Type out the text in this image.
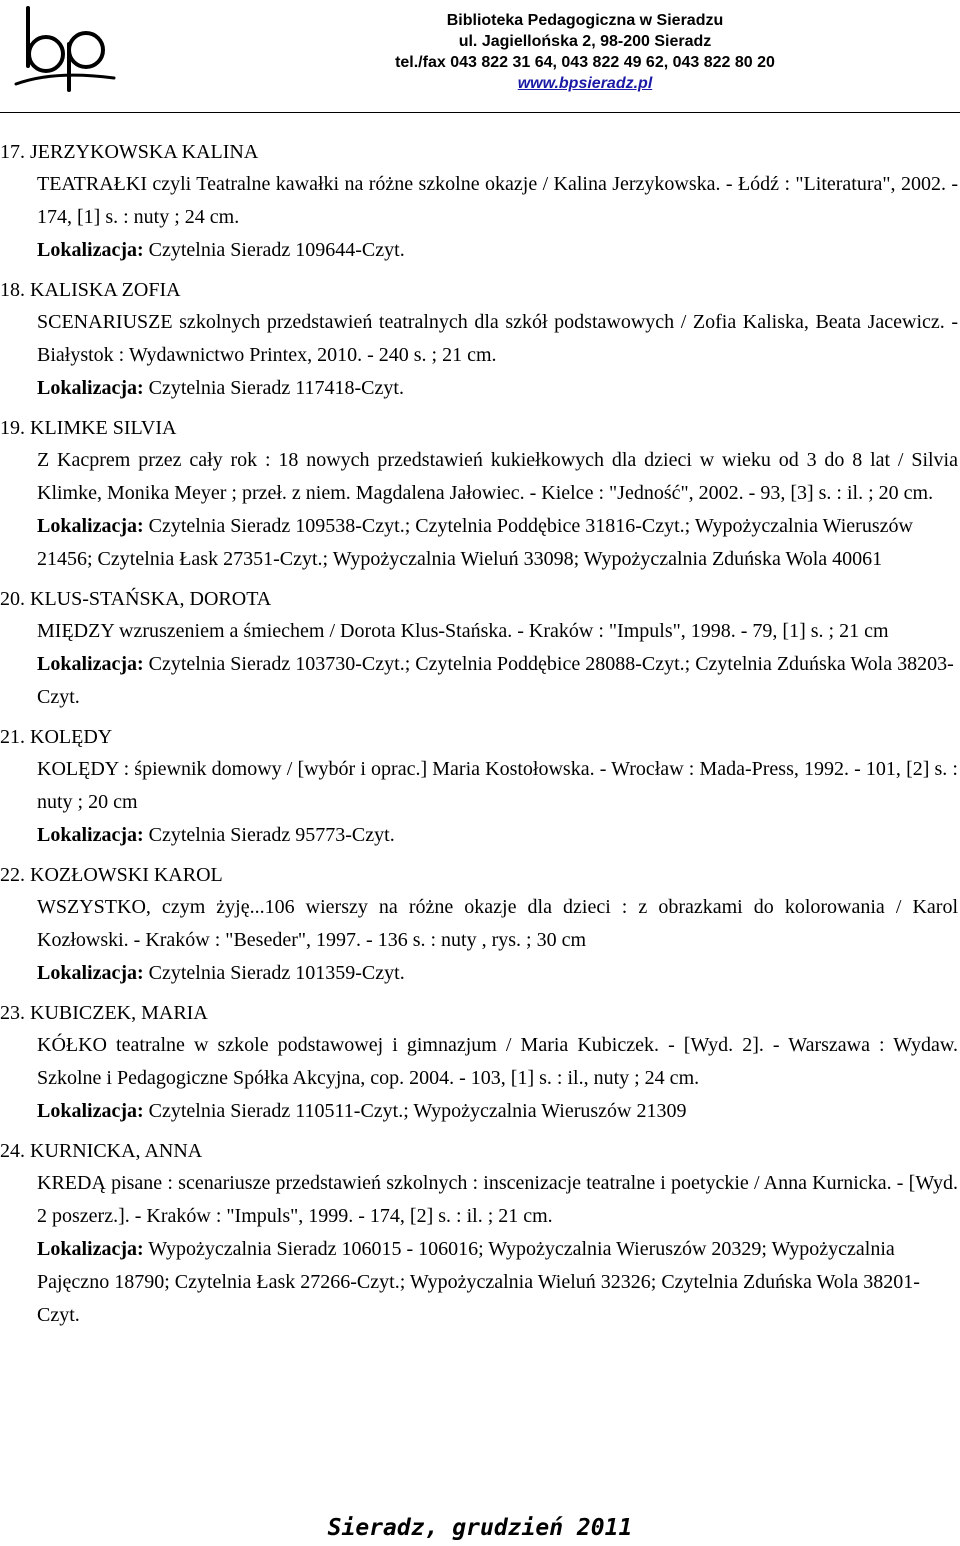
Biblioteka Pedagogiczna w Sieradzu
ul. Jagiellońska 2, 98-200 Sieradz
tel./fax 043 822 31 64, 043 822 49 62, 043 822 80 20
www.bpsieradz.pl
17. JERZYKOWSKA KALINA
TEATRAŁKI czyli Teatralne kawałki na różne szkolne okazje / Kalina Jerzykowska. - Łódź : "Literatura", 2002. - 174, [1] s. : nuty ; 24 cm.
Lokalizacja: Czytelnia Sieradz 109644-Czyt.
18. KALISKA ZOFIA
SCENARIUSZE szkolnych przedstawień teatralnych dla szkół podstawowych / Zofia Kaliska, Beata Jacewicz. - Białystok : Wydawnictwo Printex, 2010. - 240 s. ; 21 cm.
Lokalizacja: Czytelnia Sieradz 117418-Czyt.
19. KLIMKE SILVIA
Z Kacprem przez cały rok : 18 nowych przedstawień kukiełkowych dla dzieci w wieku od 3 do 8 lat / Silvia Klimke, Monika Meyer ; przeł. z niem. Magdalena Jałowiec. - Kielce : "Jedność", 2002. - 93, [3] s. : il. ; 20 cm.
Lokalizacja: Czytelnia Sieradz 109538-Czyt.; Czytelnia Poddębice 31816-Czyt.; Wypożyczalnia Wieruszów 21456; Czytelnia Łask 27351-Czyt.; Wypożyczalnia Wieluń 33098; Wypożyczalnia Zduńska Wola 40061
20. KLUS-STAŃSKA, DOROTA
MIĘDZY wzruszeniem a śmiechem / Dorota Klus-Stańska. - Kraków : "Impuls", 1998. - 79, [1] s. ; 21 cm
Lokalizacja: Czytelnia Sieradz 103730-Czyt.; Czytelnia Poddębice 28088-Czyt.; Czytelnia Zduńska Wola 38203-Czyt.
21. KOLĘDY
KOLĘDY : śpiewnik domowy / [wybór i oprac.] Maria Kostołowska. - Wrocław : Mada-Press, 1992. - 101, [2] s. : nuty ; 20 cm
Lokalizacja: Czytelnia Sieradz 95773-Czyt.
22. KOZŁOWSKI KAROL
WSZYSTKO, czym żyję...106 wierszy na różne okazje dla dzieci : z obrazkami do kolorowania / Karol Kozłowski. - Kraków : "Beseder", 1997. - 136 s. : nuty , rys. ; 30 cm
Lokalizacja: Czytelnia Sieradz 101359-Czyt.
23. KUBICZEK, MARIA
KÓŁKO teatralne w szkole podstawowej i gimnazjum / Maria Kubiczek. - [Wyd. 2]. - Warszawa : Wydaw. Szkolne i Pedagogiczne Spółka Akcyjna, cop. 2004. - 103, [1] s. : il., nuty ; 24 cm.
Lokalizacja: Czytelnia Sieradz 110511-Czyt.; Wypożyczalnia Wieruszów 21309
24. KURNICKA, ANNA
KREDĄ pisane : scenariusze przedstawień szkolnych : inscenizacje teatralne i poetyckie / Anna Kurnicka. - [Wyd. 2 poszerz.]. - Kraków : "Impuls", 1999. - 174, [2] s. : il. ; 21 cm.
Lokalizacja: Wypożyczalnia Sieradz 106015 - 106016; Wypożyczalnia Wieruszów 20329; Wypożyczalnia Pajęczno 18790; Czytelnia Łask 27266-Czyt.; Wypożyczalnia Wieluń 32326; Czytelnia Zduńska Wola 38201-Czyt.
Sieradz, grudzień 2011
